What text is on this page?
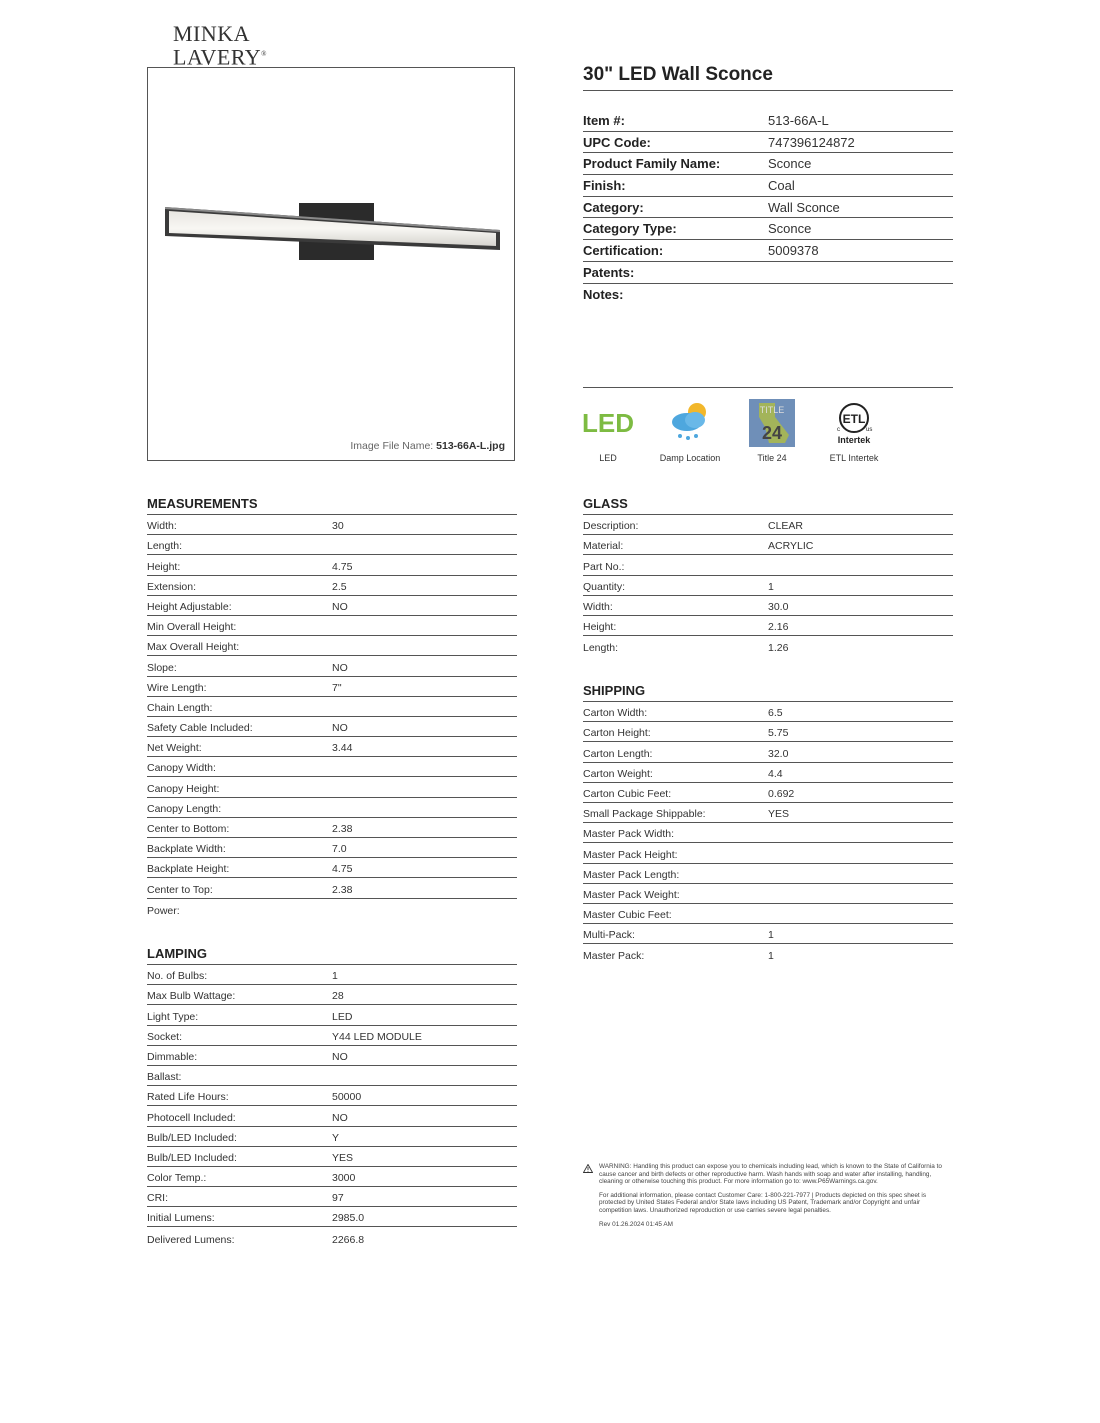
MINKA
LAVERY®
Image File Name: 513-66A-L.jpg
30" LED Wall Sconce
Item #:	513-66A-L
UPC Code:	747396124872
Product Family Name:	Sconce
Finish:	Coal
Category:	Wall Sconce
Category Type:	Sconce
Certification:	5009378
Patents:
Notes:
LED
LED	Damp Location
TITLE
24
Title 24
ETL
c	us
Intertek
ETL Intertek
MEASUREMENTS
Width:	30
Length:
Height:	4.75
Extension:	2.5
Height Adjustable:	NO
Min Overall Height:
Max Overall Height:
Slope:	NO
Wire Length:	7"
Chain Length:
Safety Cable Included:	NO
Net Weight:	3.44
Canopy Width:
Canopy Height:
Canopy Length:
Center to Bottom:	2.38
Backplate Width:	7.0
Backplate Height:	4.75
Center to Top:	2.38
Power:
LAMPING
No. of Bulbs:	1
Max Bulb Wattage:	28
Light Type:	LED
Socket:	Y44 LED MODULE
Dimmable:	NO
Ballast:
Rated Life Hours:	50000
Photocell Included:	NO
Bulb/LED Included:	Y
Bulb/LED Included:	YES
Color Temp.:	3000
CRI:	97
Initial Lumens:	2985.0
Delivered Lumens:	2266.8
GLASS
Description:	CLEAR
Material:	ACRYLIC
Part No.:
Quantity:	1
Width:	30.0
Height:	2.16
Length:	1.26
SHIPPING
Carton Width:	6.5
Carton Height:	5.75
Carton Length:	32.0
Carton Weight:	4.4
Carton Cubic Feet:	0.692
Small Package Shippable:	YES
Master Pack Width:
Master Pack Height:
Master Pack Length:
Master Pack Weight:
Master Cubic Feet:
Multi-Pack:	1
Master Pack:	1

WARNING: Handling this product can expose you to chemicals including lead, which is known to the State of California to cause cancer and birth defects or other reproductive harm. Wash hands with soap and water after installing, handling, cleaning or otherwise touching this product. For more information go to: www.P65Warnings.ca.gov.

For additional information, please contact Customer Care: 1-800-221-7977 | Products depicted on this spec sheet is protected by United States Federal and/or State laws including US Patent, Trademark and/or Copyright and unfair competition laws. Unauthorized reproduction or use carries severe legal penalties.

Rev 01.26.2024 01:45 AM
